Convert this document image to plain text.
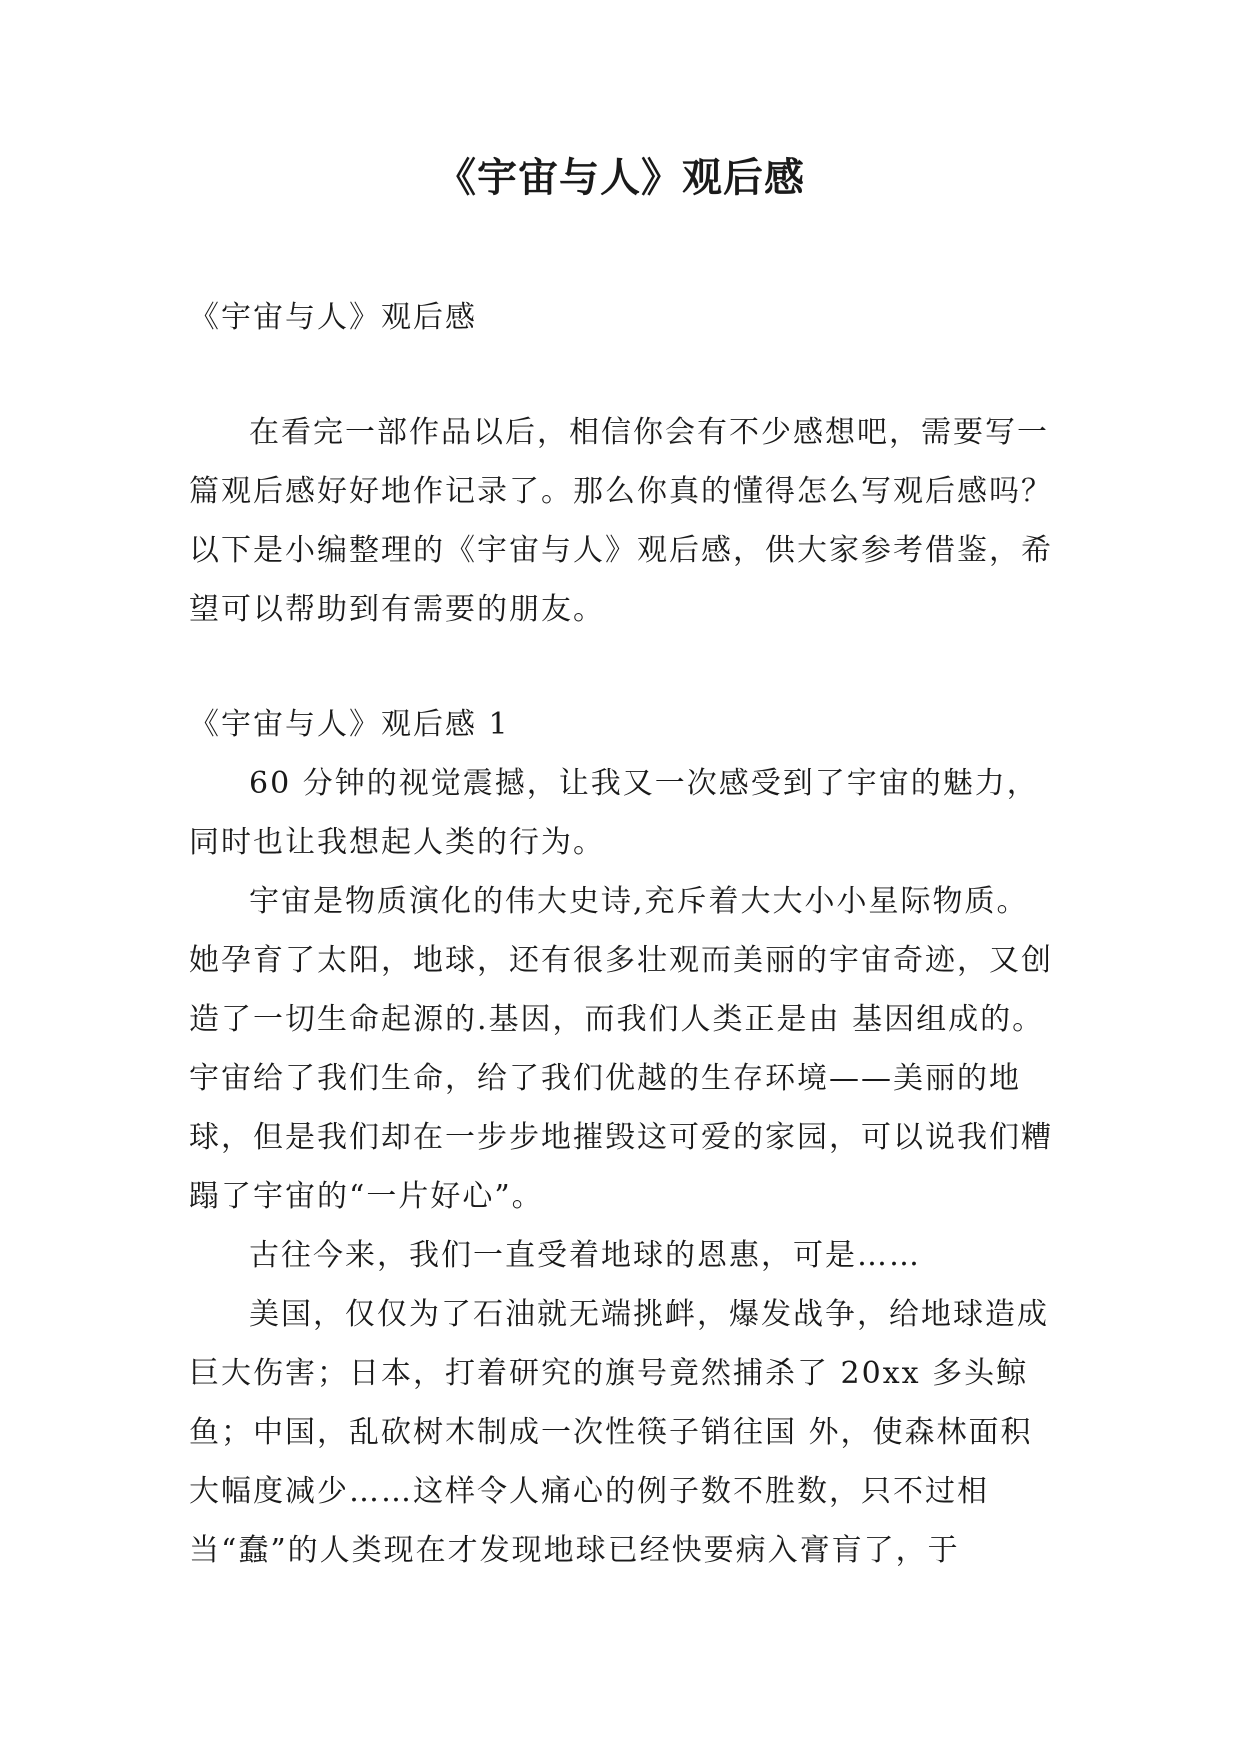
《宇宙与人》观后感

《宇宙与人》观后感

在看完一部作品以后，相信你会有不少感想吧，需要写一篇观后感好好地作记录了。那么你真的懂得怎么写观后感吗？以下是小编整理的《宇宙与人》观后感，供大家参考借鉴，希望可以帮助到有需要的朋友。

《宇宙与人》观后感 1

60 分钟的视觉震撼，让我又一次感受到了宇宙的魅力，同时也让我想起人类的行为。

宇宙是物质演化的伟大史诗,充斥着大大小小星际物质。她孕育了太阳，地球，还有很多壮观而美丽的宇宙奇迹，又创造了一切生命起源的.基因，而我们人类正是由 基因组成的。宇宙给了我们生命，给了我们优越的生存环境——美丽的地球，但是我们却在一步步地摧毁这可爱的家园，可以说我们糟蹋了宇宙的“一片好心”。

古往今来，我们一直受着地球的恩惠，可是……

美国，仅仅为了石油就无端挑衅，爆发战争，给地球造成巨大伤害；日本，打着研究的旗号竟然捕杀了 20xx 多头鲸鱼；中国，乱砍树木制成一次性筷子销往国 外，使森林面积大幅度减少……这样令人痛心的例子数不胜数，只不过相当“蠢”的人类现在才发现地球已经快要病入膏肓了，于
